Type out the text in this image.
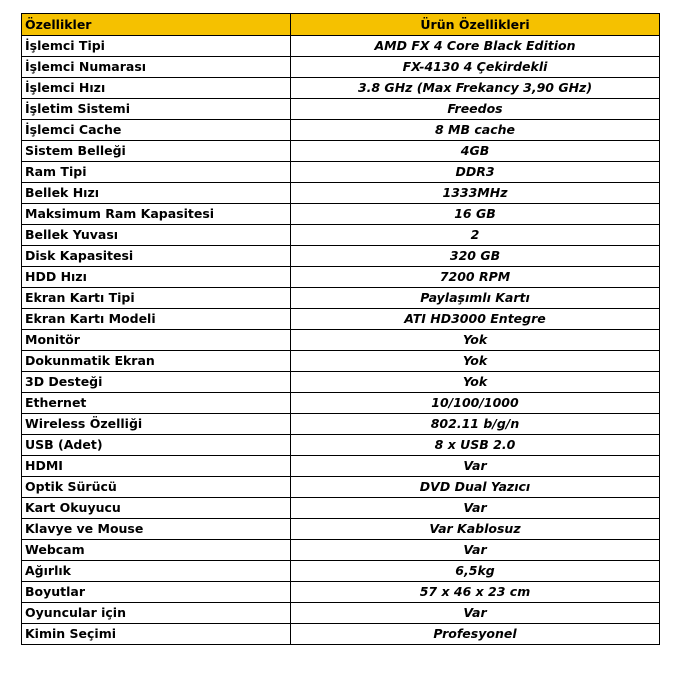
Özellikler	Ürün Özellikleri
İşlemci Tipi	AMD FX 4 Core Black Edition
İşlemci Numarası	FX-4130 4 Çekirdekli
İşlemci Hızı	3.8 GHz (Max Frekancy 3,90 GHz)
İşletim Sistemi	Freedos
İşlemci Cache	8 MB cache
Sistem Belleği	4GB
Ram Tipi	DDR3
Bellek Hızı	1333MHz
Maksimum Ram Kapasitesi	16 GB
Bellek Yuvası	2
Disk Kapasitesi	320 GB
HDD Hızı	7200 RPM
Ekran Kartı Tipi	Paylaşımlı Kartı
Ekran Kartı Modeli	ATI HD3000 Entegre
Monitör	Yok
Dokunmatik Ekran	Yok
3D Desteği	Yok
Ethernet	10/100/1000
Wireless Özelliği	802.11 b/g/n
USB (Adet)	8 x USB 2.0
HDMI	Var
Optik Sürücü	DVD Dual Yazıcı
Kart Okuyucu	Var
Klavye ve Mouse	Var Kablosuz
Webcam	Var
Ağırlık	6,5kg
Boyutlar	57 x 46 x 23 cm
Oyuncular için	Var
Kimin Seçimi	Profesyonel
